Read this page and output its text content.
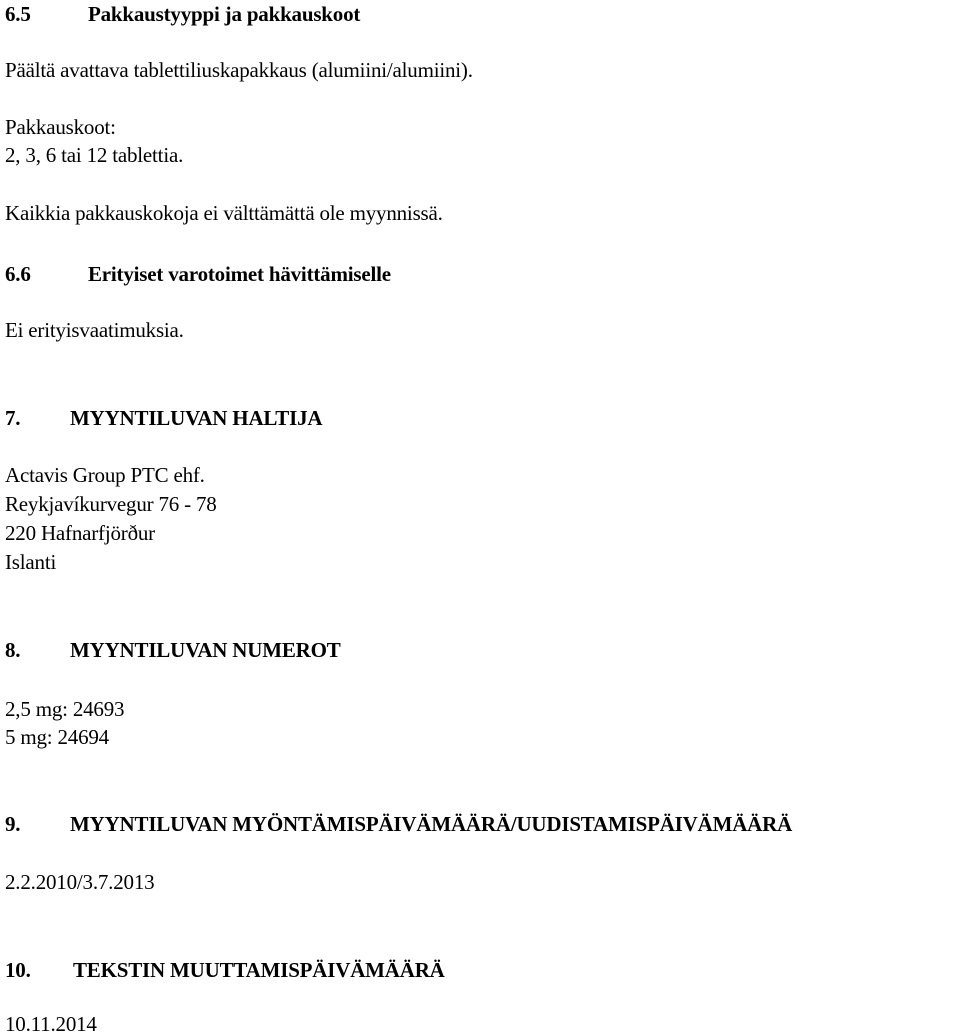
6.5	Pakkaustyyppi ja pakkauskoot
Päältä avattava tablettiliuskapakkaus (alumiini/alumiini).
Pakkauskoot:
2, 3, 6 tai 12 tablettia.
Kaikkia pakkauskokoja ei välttämättä ole myynnissä.
6.6	Erityiset varotoimet hävittämiselle
Ei erityisvaatimuksia.
7. MYYNTILUVAN HALTIJA
Actavis Group PTC ehf.
Reykjavíkurvegur 76 - 78
220 Hafnarfjörður
Islanti
8. MYYNTILUVAN NUMEROT
2,5 mg: 24693
5 mg: 24694
9. MYYNTILUVAN MYÖNTÄMISPÄIVÄMÄÄRÄ/UUDISTAMISPÄIVÄMÄÄRÄ
2.2.2010/3.7.2013
10. TEKSTIN MUUTTAMISPÄIVÄMÄÄRÄ
10.11.2014
